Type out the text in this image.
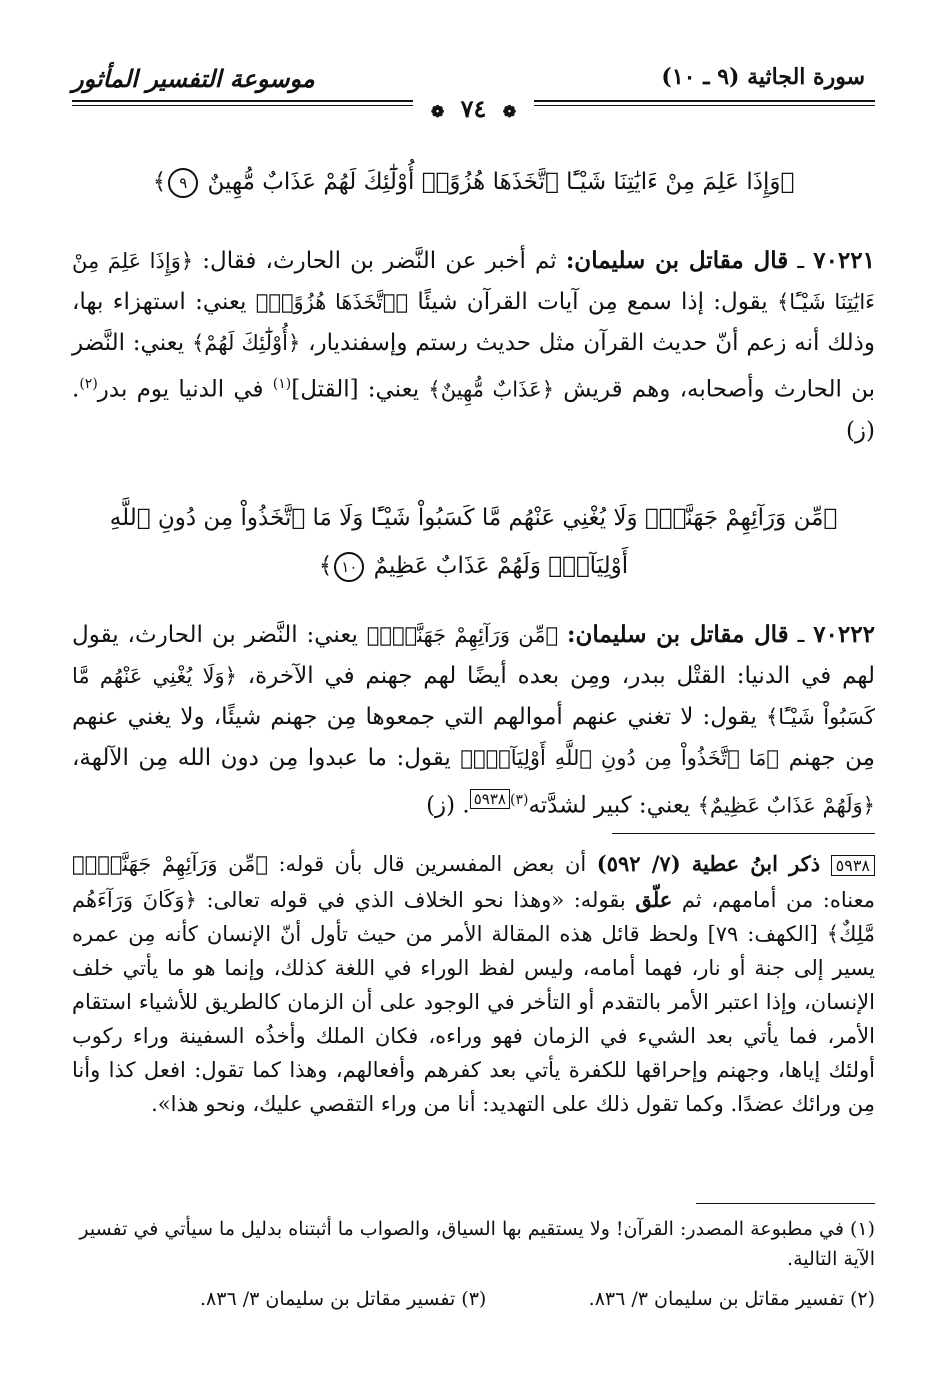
سورة الجاثية (٩ ـ ١٠)
موسوعة التفسير المأثور
❁ ٧٤ ❁
﴿وَإِذَا عَلِمَ مِنْ ءَايَٰتِنَا شَيْـًٔا ٱتَّخَذَهَا هُزُوًاۚ أُوْلَٰٓئِكَ لَهُمْ عَذَابٌ مُّهِينٌ ٩﴾
٧٠٢٢١ ـ قال مقاتل بن سليمان: ثم أخبر عن النَّضر بن الحارث، فقال: ﴿وَإِذَا عَلِمَ مِنْ ءَايَٰتِنَا شَيْـًٔا﴾ يقول: إذا سمع مِن آيات القرآن شيئًا ﴿ٱتَّخَذَهَا هُزُوًاۚ﴾ يعني: استهزاء بها، وذلك أنه زعم أنّ حديث القرآن مثل حديث رستم وإسفنديار، ﴿أُوْلَٰٓئِكَ لَهُمْ﴾ يعني: النَّضر بن الحارث وأصحابه، وهم قريش ﴿عَذَابٌ مُّهِينٌ﴾ يعني: [القتل]$^{(١)}$ في الدنيا يوم بدر$^{(٢)}$. (ز)
﴿مِّن وَرَآئِهِمْ جَهَنَّمُۖ وَلَا يُغْنِي عَنْهُم مَّا كَسَبُواْ شَيْـًٔا وَلَا مَا ٱتَّخَذُواْ مِن دُونِ ٱللَّهِ أَوْلِيَآءَۖ وَلَهُمْ عَذَابٌ عَظِيمٌ ١٠﴾
٧٠٢٢٢ ـ قال مقاتل بن سليمان: ﴿مِّن وَرَآئِهِمْ جَهَنَّمُۖ﴾ يعني: النَّضر بن الحارث، يقول لهم في الدنيا: القتْل ببدر، ومِن بعده أيضًا لهم جهنم في الآخرة، ﴿وَلَا يُغْنِي عَنْهُم مَّا كَسَبُواْ شَيْـًٔا﴾ يقول: لا تغني عنهم أموالهم التي جمعوها مِن جهنم شيئًا، ولا يغني عنهم مِن جهنم ﴿مَا ٱتَّخَذُواْ مِن دُونِ ٱللَّهِ أَوْلِيَآءَۖ﴾ يقول: ما عبدوا مِن دون الله مِن الآلهة، ﴿وَلَهُمْ عَذَابٌ عَظِيمٌ﴾ يعني: كبير لشدَّته$^{(٣)٥٩٣٨}$. (ز)
٥٩٣٨ ذكر ابنُ عطية (٧/ ٥٩٢) أن بعض المفسرين قال بأن قوله: ﴿مِّن وَرَآئِهِمْ جَهَنَّمُۖ﴾ معناه: من أمامهم، ثم علّق بقوله: «وهذا نحو الخلاف الذي في قوله تعالى: ﴿وَكَانَ وَرَآءَهُم مَّلِكٌ﴾ [الكهف: ٧٩] ولحظ قائل هذه المقالة الأمر من حيث تأول أنّ الإنسان كأنه مِن عمره يسير إلى جنة أو نار، فهما أمامه، وليس لفظ الوراء في اللغة كذلك، وإنما هو ما يأتي خلف الإنسان، وإذا اعتبر الأمر بالتقدم أو التأخر في الوجود على أن الزمان كالطريق للأشياء استقام الأمر، فما يأتي بعد الشيء في الزمان فهو وراءه، فكان الملك وأخذُه السفينة وراء ركوب أولئك إياها، وجهنم وإحراقها للكفرة يأتي بعد كفرهم وأفعالهم، وهذا كما تقول: افعل كذا وأنا مِن ورائك عضدًا. وكما تقول ذلك على التهديد: أنا من وراء التقصي عليك، ونحو هذا».
(١) في مطبوعة المصدر: القرآن! ولا يستقيم بها السياق، والصواب ما أثبتناه بدليل ما سيأتي في تفسير الآية التالية.
(٢) تفسير مقاتل بن سليمان ٣/ ٨٣٦.
(٣) تفسير مقاتل بن سليمان ٣/ ٨٣٦.
